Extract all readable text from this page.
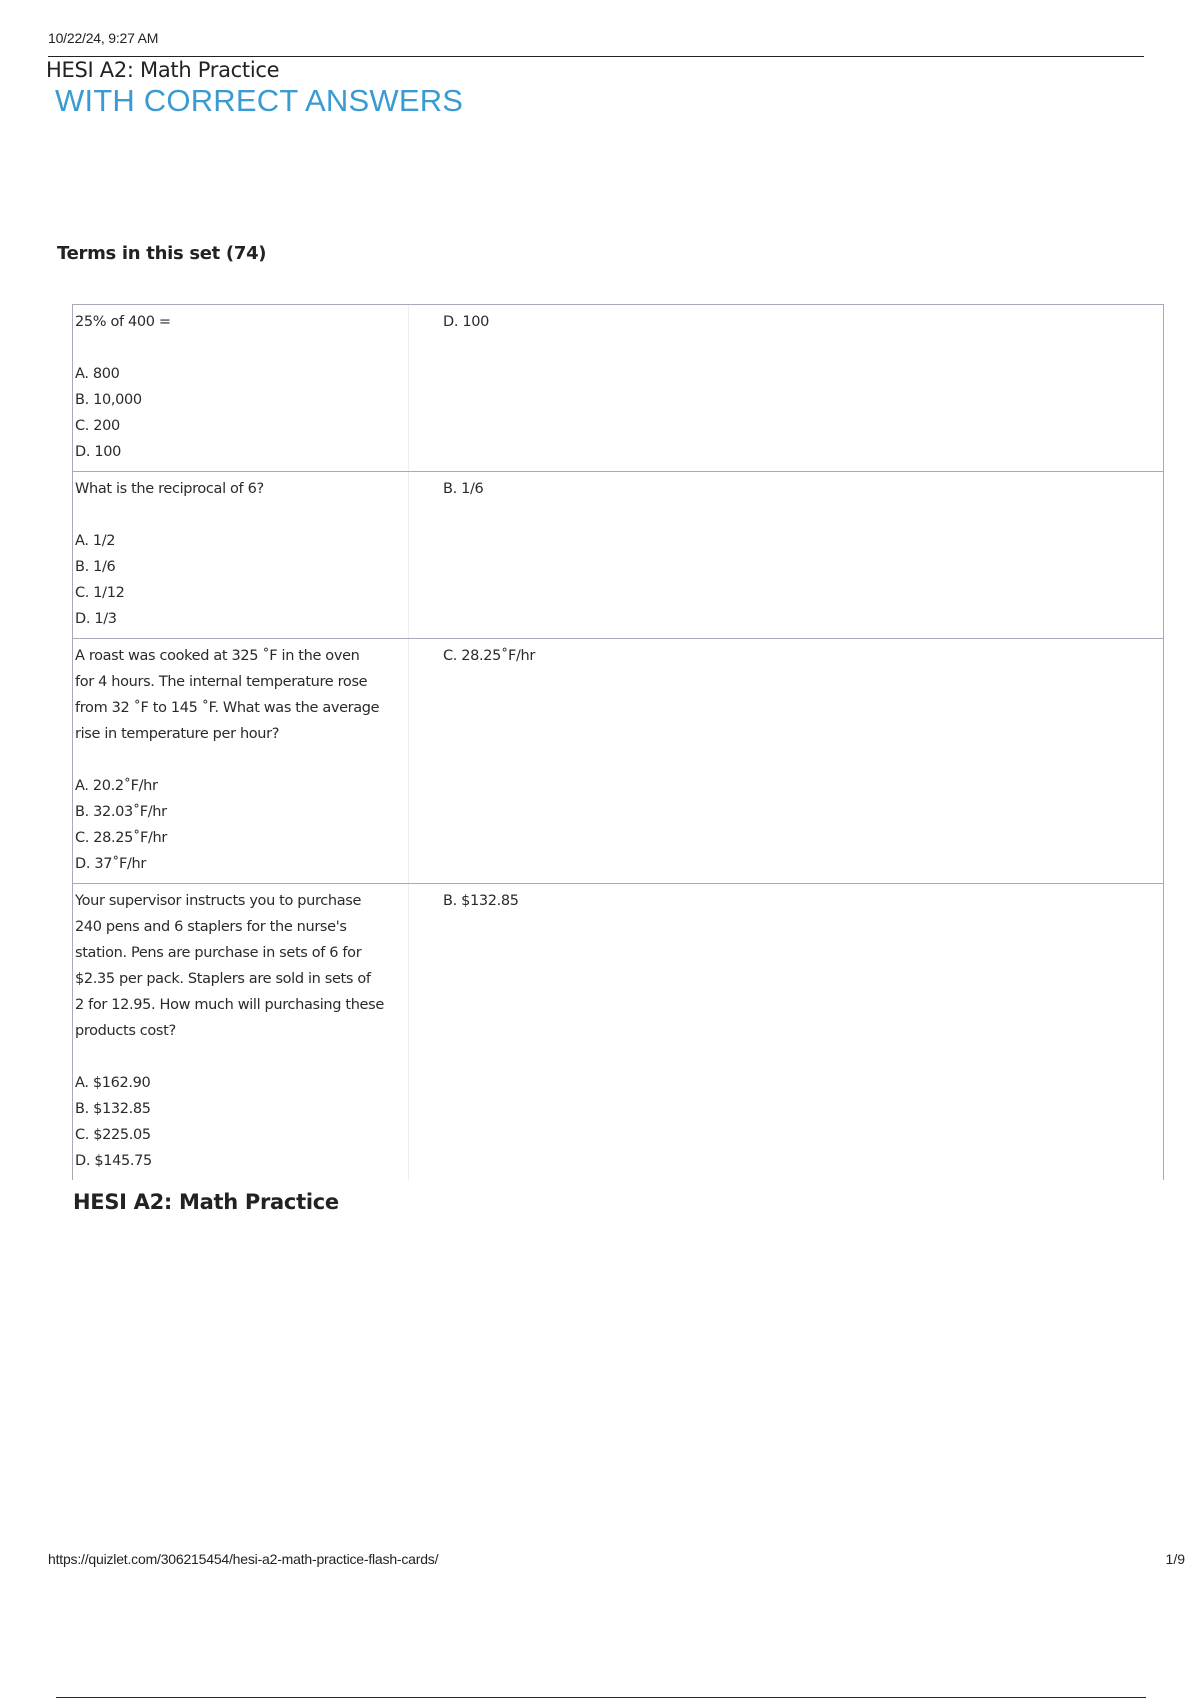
10/22/24, 9:27 AM
HESI A2: Math Practice
WITH CORRECT ANSWERS
Terms in this set (74)
25% of 400 =
A. 800
B. 10,000
C. 200
D. 100
D. 100
What is the reciprocal of 6?
A. 1/2
B. 1/6
C. 1/12
D. 1/3
B. 1/6
A roast was cooked at 325 ˚F in the oven
for 4 hours. The internal temperature rose
from 32 ˚F to 145 ˚F. What was the average
rise in temperature per hour?
A. 20.2˚F/hr
B. 32.03˚F/hr
C. 28.25˚F/hr
D. 37˚F/hr
C. 28.25˚F/hr
Your supervisor instructs you to purchase
240 pens and 6 staplers for the nurse's
station. Pens are purchase in sets of 6 for
$2.35 per pack. Staplers are sold in sets of
2 for 12.95. How much will purchasing these
products cost?
A. $162.90
B. $132.85
C. $225.05
D. $145.75
B. $132.85
HESI A2: Math Practice
https://quizlet.com/306215454/hesi-a2-math-practice-flash-cards/	1/9
